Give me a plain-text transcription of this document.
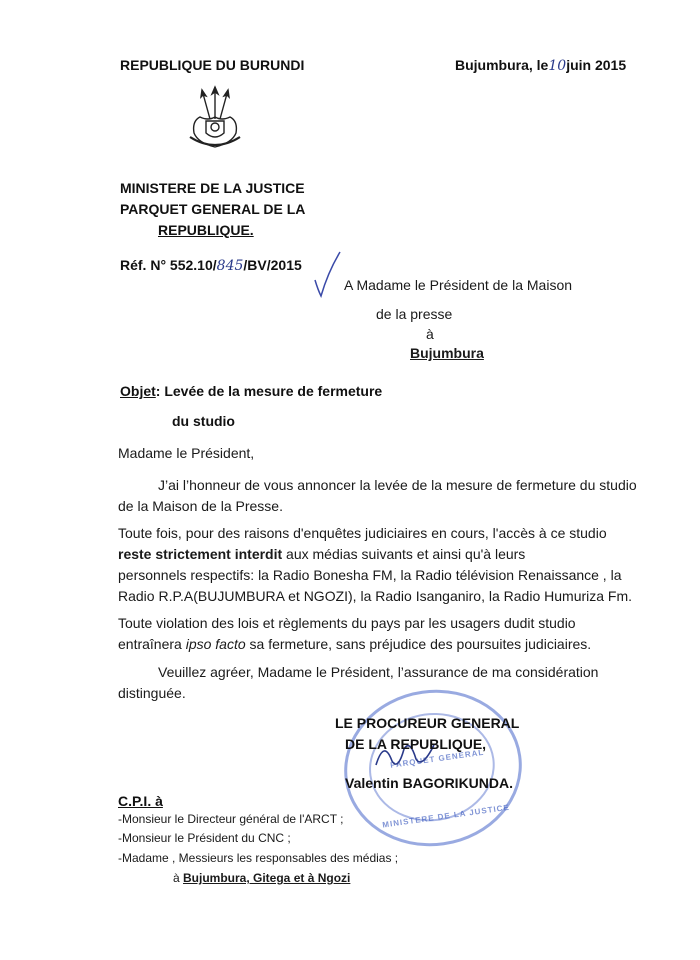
REPUBLIQUE DU BURUNDI	Bujumbura, le10juin 2015
MINISTERE DE LA JUSTICE
PARQUET GENERAL DE LA
REPUBLIQUE.
Réf. N° 552.10/845/BV/2015
A Madame le Président de la Maison
de la presse
à
Bujumbura
Objet: Levée de la mesure de fermeture
du studio
Madame le Président,
J’ai l’honneur de vous annoncer la levée de la mesure de fermeture du studio
de la Maison de la Presse.
Toute fois, pour des raisons d'enquêtes judiciaires en cours, l'accès à ce studio
reste strictement interdit aux médias suivants et ainsi qu'à leurs
personnels respectifs: la Radio Bonesha FM, la Radio télévision Renaissance , la
Radio R.P.A(BUJUMBURA et NGOZI), la Radio Isanganiro, la Radio Humuriza Fm.
Toute violation des lois et règlements du pays par les usagers dudit studio
entraînera ipso facto sa fermeture, sans préjudice des poursuites judiciaires.
Veuillez agréer, Madame le Président, l’assurance de ma considération
distinguée.
PARQUET GENERAL
MINISTERE DE LA JUSTICE
LE PROCUREUR GENERAL
DE LA REPUBLIQUE,
Valentin BAGORIKUNDA.
C.P.I. à
-Monsieur le Directeur général de l'ARCT ;
-Monsieur le Président du CNC ;
-Madame , Messieurs les responsables des médias ;
à Bujumbura, Gitega et à Ngozi
